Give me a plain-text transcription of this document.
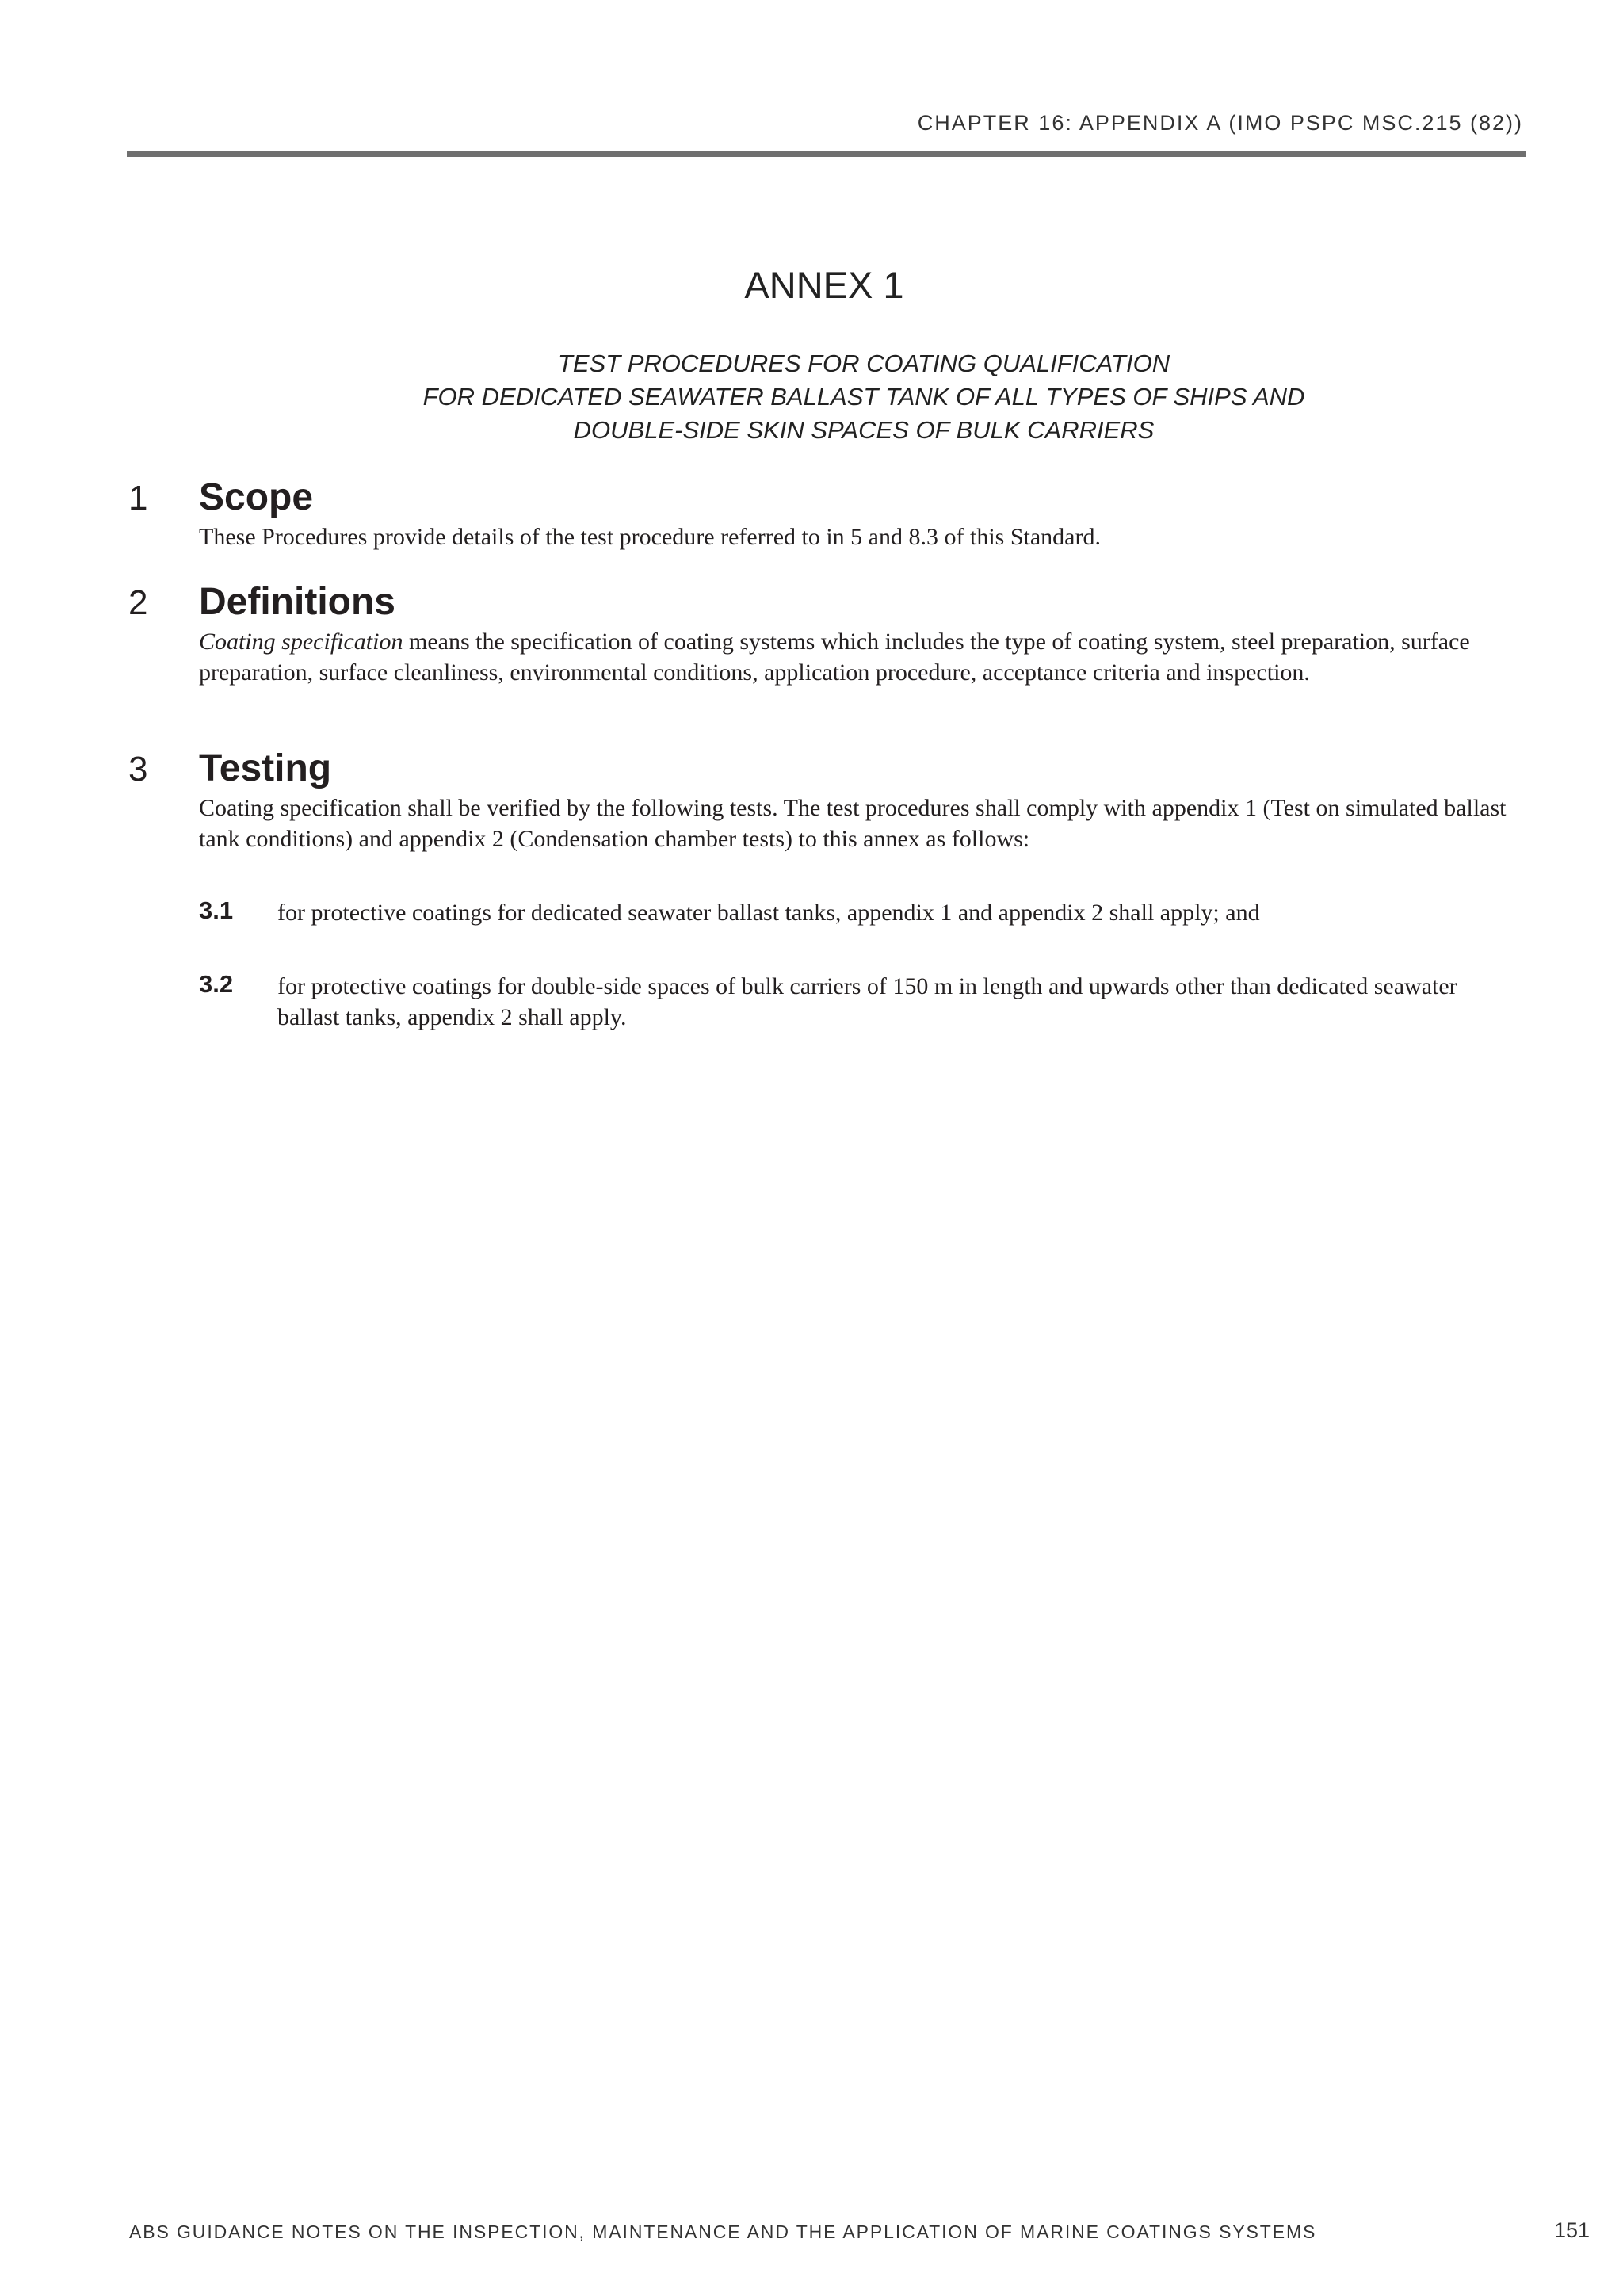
CHAPTER 16: APPENDIX A (IMO PSPC MSC.215 (82))
ANNEX 1
TEST PROCEDURES FOR COATING QUALIFICATION
FOR DEDICATED SEAWATER BALLAST TANK OF ALL TYPES OF SHIPS AND
DOUBLE-SIDE SKIN SPACES OF BULK CARRIERS
1 Scope
These Procedures provide details of the test procedure referred to in 5 and 8.3 of this Standard.
2 Definitions
Coating specification means the specification of coating systems which includes the type of coating system, steel preparation, surface preparation, surface cleanliness, environmental conditions, application procedure, acceptance criteria and inspection.
3 Testing
Coating specification shall be verified by the following tests. The test procedures shall comply with appendix 1 (Test on simulated ballast tank conditions) and appendix 2 (Condensation chamber tests) to this annex as follows:
3.1 for protective coatings for dedicated seawater ballast tanks, appendix 1 and appendix 2 shall apply; and
3.2 for protective coatings for double-side spaces of bulk carriers of 150 m in length and upwards other than dedicated seawater ballast tanks, appendix 2 shall apply.
ABS GUIDANCE NOTES ON THE INSPECTION, MAINTENANCE AND THE APPLICATION OF MARINE COATINGS SYSTEMS	151
